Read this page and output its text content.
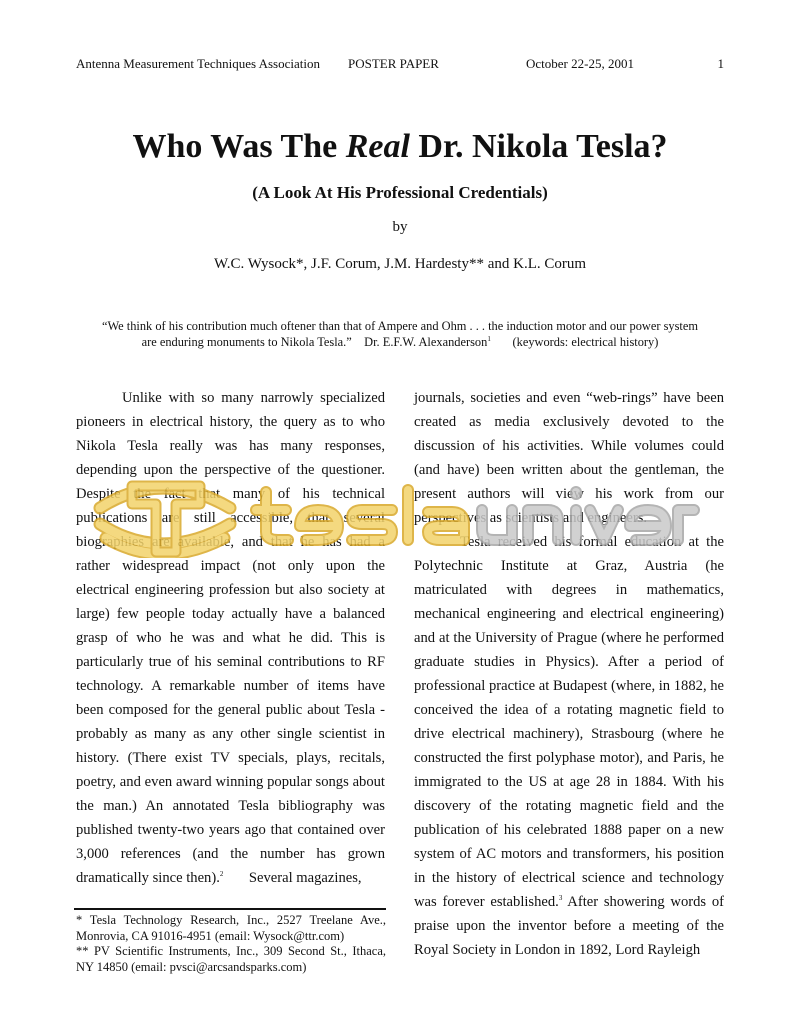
Antenna Measurement Techniques Association POSTER PAPER	October 22-25, 2001	1
Who Was The Real Dr. Nikola Tesla?
(A Look At His Professional Credentials)
by
W.C. Wysock*, J.F. Corum, J.M. Hardesty** and K.L. Corum
“We think of his contribution much oftener than that of Ampere and Ohm . . . the induction motor and our power system
are enduring monuments to Nikola Tesla.” Dr. E.F.W. Alexanderson$^1$ (keywords: electrical history)

Unlike with so many narrowly specialized pioneers in electrical history, the query as to who Nikola Tesla really was has many responses, depending upon the perspective of the questioner. Despite the fact that many of his technical publications are still accessible, that several biographies are available, and that he has had a rather widespread impact (not only upon the electrical engineering profession but also society at large) few people today actually have a balanced grasp of who he was and what he did. This is particularly true of his seminal contributions to RF technology. A remarkable number of items have been composed for the general public about Tesla - probably as many as any other single scientist in history. (There exist TV specials, plays, recitals, poetry, and even award winning popular songs about the man.) An annotated Tesla bibliography was published twenty-two years ago that contained over 3,000 references (and the number has grown dramatically since then).$^2$       Several magazines,

journals, societies and even “web-rings” have been created as media exclusively devoted to the discussion of his activities. While volumes could (and have) been written about the gentleman, the present authors will view his work from our perspectives as scientists and engineers.

Tesla received his formal education at the Polytechnic Institute at Graz, Austria (he matriculated with degrees in mathematics, mechanical engineering and electrical engineering) and at the University of Prague (where he performed graduate studies in Physics). After a period of professional practice at Budapest (where, in 1882, he conceived the idea of a rotating magnetic field to drive electrical machinery), Strasbourg (where he constructed the first polyphase motor), and Paris, he immigrated to the US at age 28 in 1884. With his discovery of the rotating magnetic field and the publication of his celebrated 1888 paper on a new system of AC motors and transformers, his position in the history of electrical science and technology was forever established.$^3$ After showering words of praise upon the inventor before a meeting of the Royal Society in London in 1892, Lord Rayleigh

* Tesla Technology Research, Inc., 2527 Treelane Ave., Monrovia, CA 91016-4951 (email: Wysock@ttr.com)
** PV Scientific Instruments, Inc., 309 Second St., Ithaca, NY 14850 (email: pvsci@arcsandsparks.com)
